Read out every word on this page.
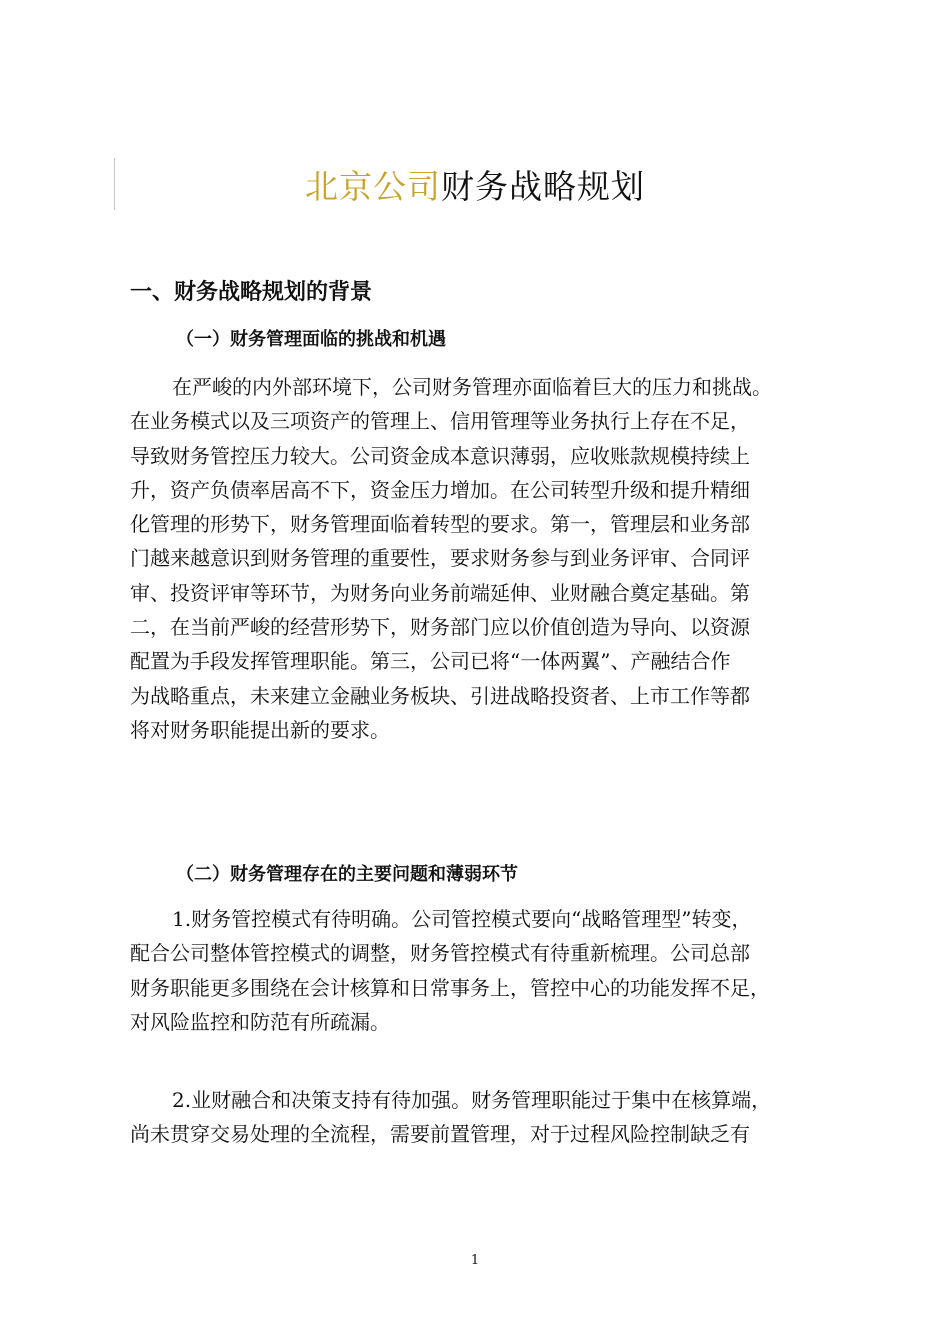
北京公司财务战略规划
一、财务战略规划的背景
（一）财务管理面临的挑战和机遇
在严峻的内外部环境下，公司财务管理亦面临着巨大的压力和挑战。
在业务模式以及三项资产的管理上、信用管理等业务执行上存在不足，
导致财务管控压力较大。公司资金成本意识薄弱，应收账款规模持续上
升，资产负债率居高不下，资金压力增加。在公司转型升级和提升精细
化管理的形势下，财务管理面临着转型的要求。第一，管理层和业务部
门越来越意识到财务管理的重要性，要求财务参与到业务评审、合同评
审、投资评审等环节，为财务向业务前端延伸、业财融合奠定基础。第
二，在当前严峻的经营形势下，财务部门应以价值创造为导向、以资源
配置为手段发挥管理职能。第三，公司已将“一体两翼”、产融结合作
为战略重点，未来建立金融业务板块、引进战略投资者、上市工作等都
将对财务职能提出新的要求。
（二）财务管理存在的主要问题和薄弱环节
1.财务管控模式有待明确。公司管控模式要向“战略管理型”转变，
配合公司整体管控模式的调整，财务管控模式有待重新梳理。公司总部
财务职能更多围绕在会计核算和日常事务上，管控中心的功能发挥不足，
对风险监控和防范有所疏漏。
2.业财融合和决策支持有待加强。财务管理职能过于集中在核算端，
尚未贯穿交易处理的全流程，需要前置管理，对于过程风险控制缺乏有
1
